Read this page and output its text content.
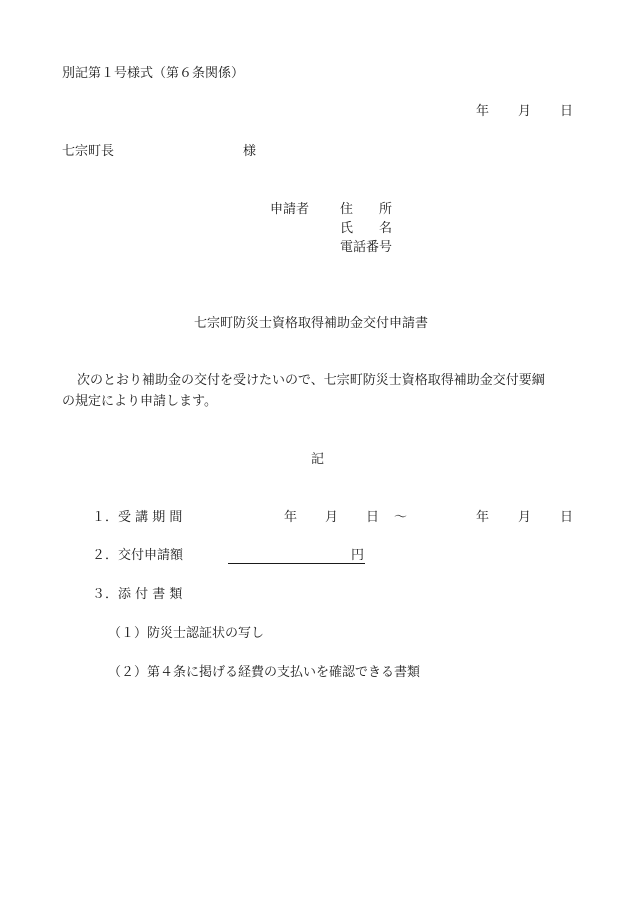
別記第１号様式（第６条関係）
年 月 日
七宗町長	様
申請者 住　　所
氏　　名
電話番号
七宗町防災士資格取得補助金交付申請書
次のとおり補助金の交付を受けたいので、七宗町防災士資格取得補助金交付要綱
の規定により申請します。
記
１．受 講 期 間	年 月 日 ～	年 月 日
２．交付申請額	円
３．添 付 書 類
（１）防災士認証状の写し
（２）第４条に掲げる経費の支払いを確認できる書類
